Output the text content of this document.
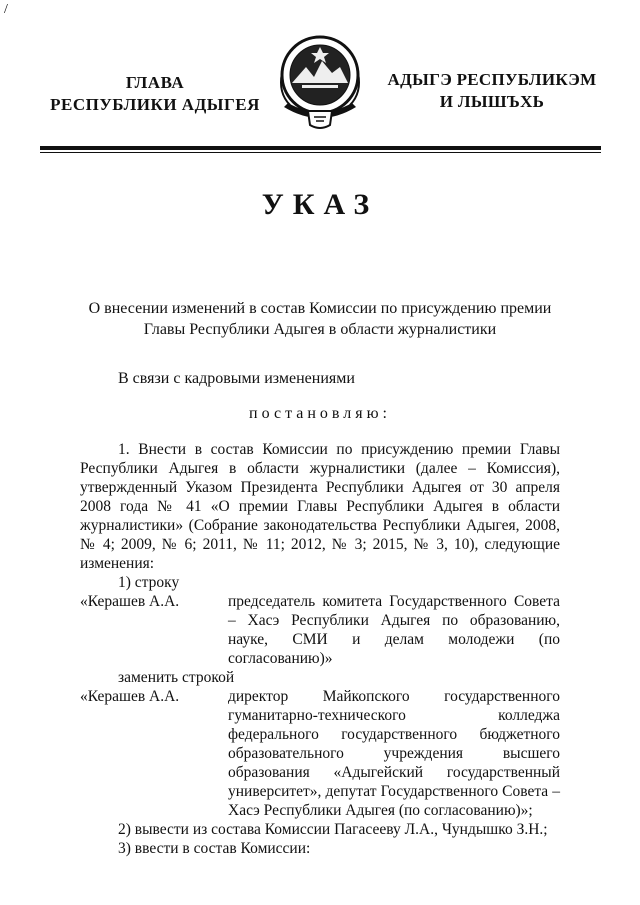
/
ГЛАВА
РЕСПУБЛИКИ АДЫГЕЯ
АДЫГЭ РЕСПУБЛИКЭМ
И ЛЫШЪХЬ
УКАЗ
О внесении изменений в состав Комиссии по присуждению премии
Главы Республики Адыгея в области журналистики
В связи с кадровыми изменениями
постановляю:

1. Внести в состав Комиссии по присуждению премии Главы Республики Адыгея в области журналистики (далее – Комиссия), утвержденный Указом Президента Республики Адыгея от 30 апреля 2008 года № 41 «О премии Главы Республики Адыгея в области журналистики» (Собрание законодательства Республики Адыгея, 2008, № 4; 2009, № 6; 2011, № 11; 2012, № 3; 2015, № 3, 10), следующие изменения:

1) строку

«Керашев А.А.	председатель комитета Государственного Совета – Хасэ Республики Адыгея по образованию, науке, СМИ и делам молодежи (по согласованию)»

заменить строкой

«Керашев А.А.	директор Майкопского государственного гуманитарно-технического колледжа федерального государственного бюджетного образовательного учреждения высшего образования «Адыгейский государственный университет», депутат Государственного Совета – Хасэ Республики Адыгея (по согласованию)»;

2) вывести из состава Комиссии Пагасееву Л.А., Чундышко З.Н.;

3) ввести в состав Комиссии:
